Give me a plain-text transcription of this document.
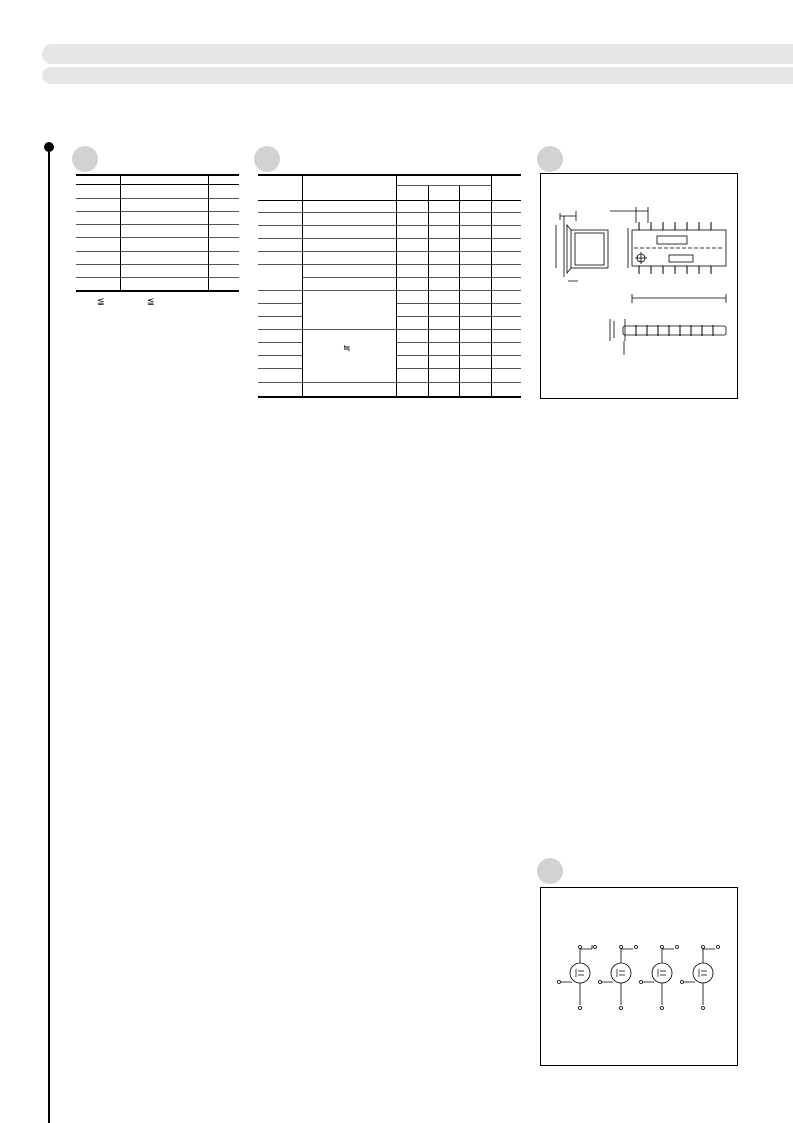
≦	≦
≒
